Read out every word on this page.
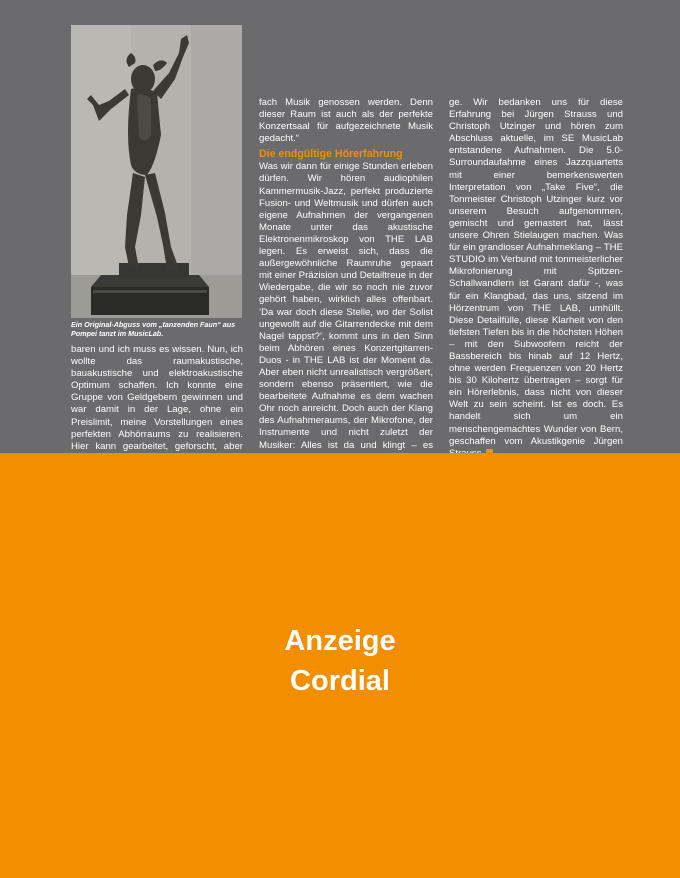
Ein Original-Abguss vom „tanzenden Faun“ aus Pompei tanzt im MusicLab.

baren und ich muss es wissen. Nun, ich wollte das raumakustische, bauakustische und elektroakustische Optimum schaffen. Ich konnte eine Gruppe von Geldgebern gewinnen und war damit in der Lage, ohne ein Preislimit, meine Vorstellungen eines perfekten Abhörraums zu realisieren. Hier kann gearbeitet, geforscht, aber

fach Musik genossen werden. Denn dieser Raum ist auch als der perfekte Konzertsaal für aufgezeichnete Musik gedacht.“

Die endgültige Hörerfahrung

Was wir dann für einige Stunden erleben dürfen. Wir hören audiophilen Kammermusik-Jazz, perfekt produzierte Fusion- und Weltmusik und dürfen auch eigene Aufnahmen der vergangenen Monate unter das akustische Elektronenmikroskop von THE LAB legen. Es erweist sich, dass die außergewöhnliche Raumruhe gepaart mit einer Präzision und Detailtreue in der Wiedergabe, die wir so noch nie zuvor gehört haben, wirklich alles offenbart. ’Da war doch diese Stelle, wo der Solist ungewollt auf die Gitarrendecke mit dem Nagel tappst?’, kommt uns in den Sinn beim Abhören eines Konzertgitarren-Duos - in THE LAB ist der Moment da. Aber eben nicht unrealistisch vergrößert, sondern ebenso präsentiert, wie die bearbeitete Aufnahme es dem wachen Ohr noch anreicht. Doch auch der Klang des Aufnahmeraums, der Mikrofone, der Instrumente und nicht zuletzt der Musiker: Alles ist da und klingt – es

ge. Wir bedanken uns für diese Erfahrung bei Jürgen Strauss und Christoph Utzinger und hören zum Abschluss aktuelle, im SE MusicLab entstandene Aufnahmen. Die 5.0-Surroundaufahme eines Jazzquartetts mit einer bemerkenswerten Interpretation von „Take Five“, die Tonmeister Christoph Utzinger kurz vor unserem Besuch aufgenommen, gemischt und gemastert hat, lässt unsere Ohren Stielaugen machen. Was für ein grandioser Aufnahmeklang – THE STUDIO im Verbund mit tonmeisterlicher Mikrofonierung mit Spitzen-Schallwandlern ist Garant dafür -, was für ein Klangbad, das uns, sitzend im Hörzentrum von THE LAB, umhüllt. Diese Detailfülle, diese Klarheit von den tiefsten Tiefen bis in die höchsten Höhen – mit den Subwoofern reicht der Bassbereich bis hinab auf 12 Hertz, ohne werden Frequenzen von 20 Hertz bis 30 Kilohertz übertragen – sorgt für ein Hörerlebnis, dass nicht von dieser Welt zu sein scheint. Ist es doch. Es handelt sich um ein menschengemachtes Wunder von Bern, geschaffen vom Akustikgenie Jürgen

Anzeige
Cordial
